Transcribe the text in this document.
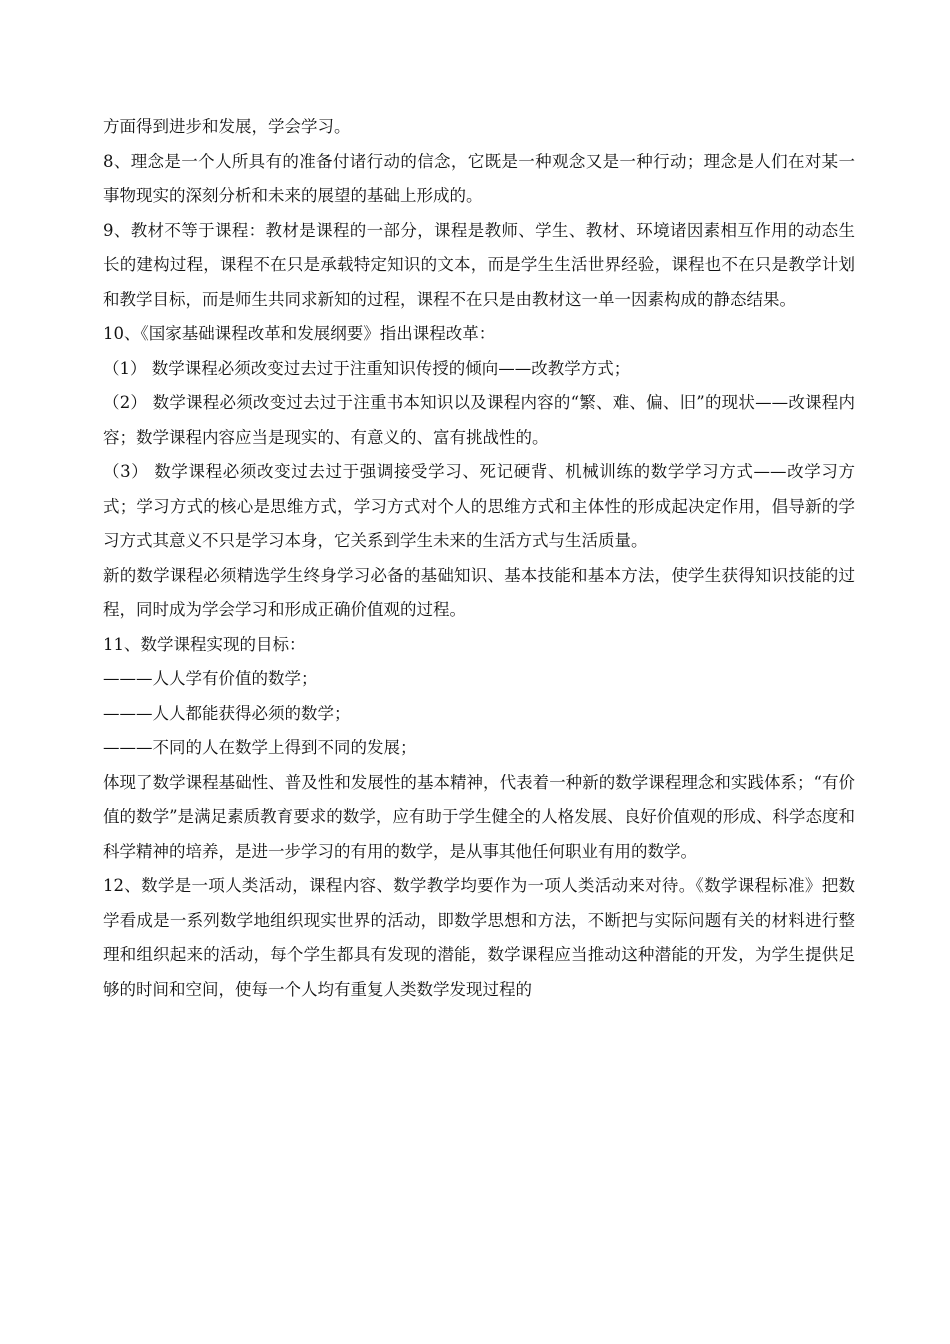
方面得到进步和发展，学会学习。

8、理念是一个人所具有的准备付诸行动的信念，它既是一种观念又是一种行动；理念是人们在对某一事物现实的深刻分析和未来的展望的基础上形成的。

9、教材不等于课程：教材是课程的一部分，课程是教师、学生、教材、环境诸因素相互作用的动态生长的建构过程，课程不在只是承载特定知识的文本，而是学生生活世界经验，课程也不在只是教学计划和教学目标，而是师生共同求新知的过程，课程不在只是由教材这一单一因素构成的静态结果。

10、《国家基础课程改革和发展纲要》指出课程改革：

（1） 数学课程必须改变过去过于注重知识传授的倾向——改教学方式；

（2） 数学课程必须改变过去过于注重书本知识以及课程内容的“繁、难、偏、旧”的现状——改课程内容；数学课程内容应当是现实的、有意义的、富有挑战性的。

（3） 数学课程必须改变过去过于强调接受学习、死记硬背、机械训练的数学学习方式——改学习方式；学习方式的核心是思维方式，学习方式对个人的思维方式和主体性的形成起决定作用，倡导新的学习方式其意义不只是学习本身，它关系到学生未来的生活方式与生活质量。

新的数学课程必须精选学生终身学习必备的基础知识、基本技能和基本方法，使学生获得知识技能的过程，同时成为学会学习和形成正确价值观的过程。

11、数学课程实现的目标：

———人人学有价值的数学；

———人人都能获得必须的数学；

———不同的人在数学上得到不同的发展；

体现了数学课程基础性、普及性和发展性的基本精神，代表着一种新的数学课程理念和实践体系；“有价值的数学”是满足素质教育要求的数学，应有助于学生健全的人格发展、良好价值观的形成、科学态度和科学精神的培养，是进一步学习的有用的数学，是从事其他任何职业有用的数学。

12、数学是一项人类活动，课程内容、数学教学均要作为一项人类活动来对待。《数学课程标准》把数学看成是一系列数学地组织现实世界的活动，即数学思想和方法，不断把与实际问题有关的材料进行整理和组织起来的活动，每个学生都具有发现的潜能，数学课程应当推动这种潜能的开发，为学生提供足够的时间和空间，使每一个人均有重复人类数学发现过程的
